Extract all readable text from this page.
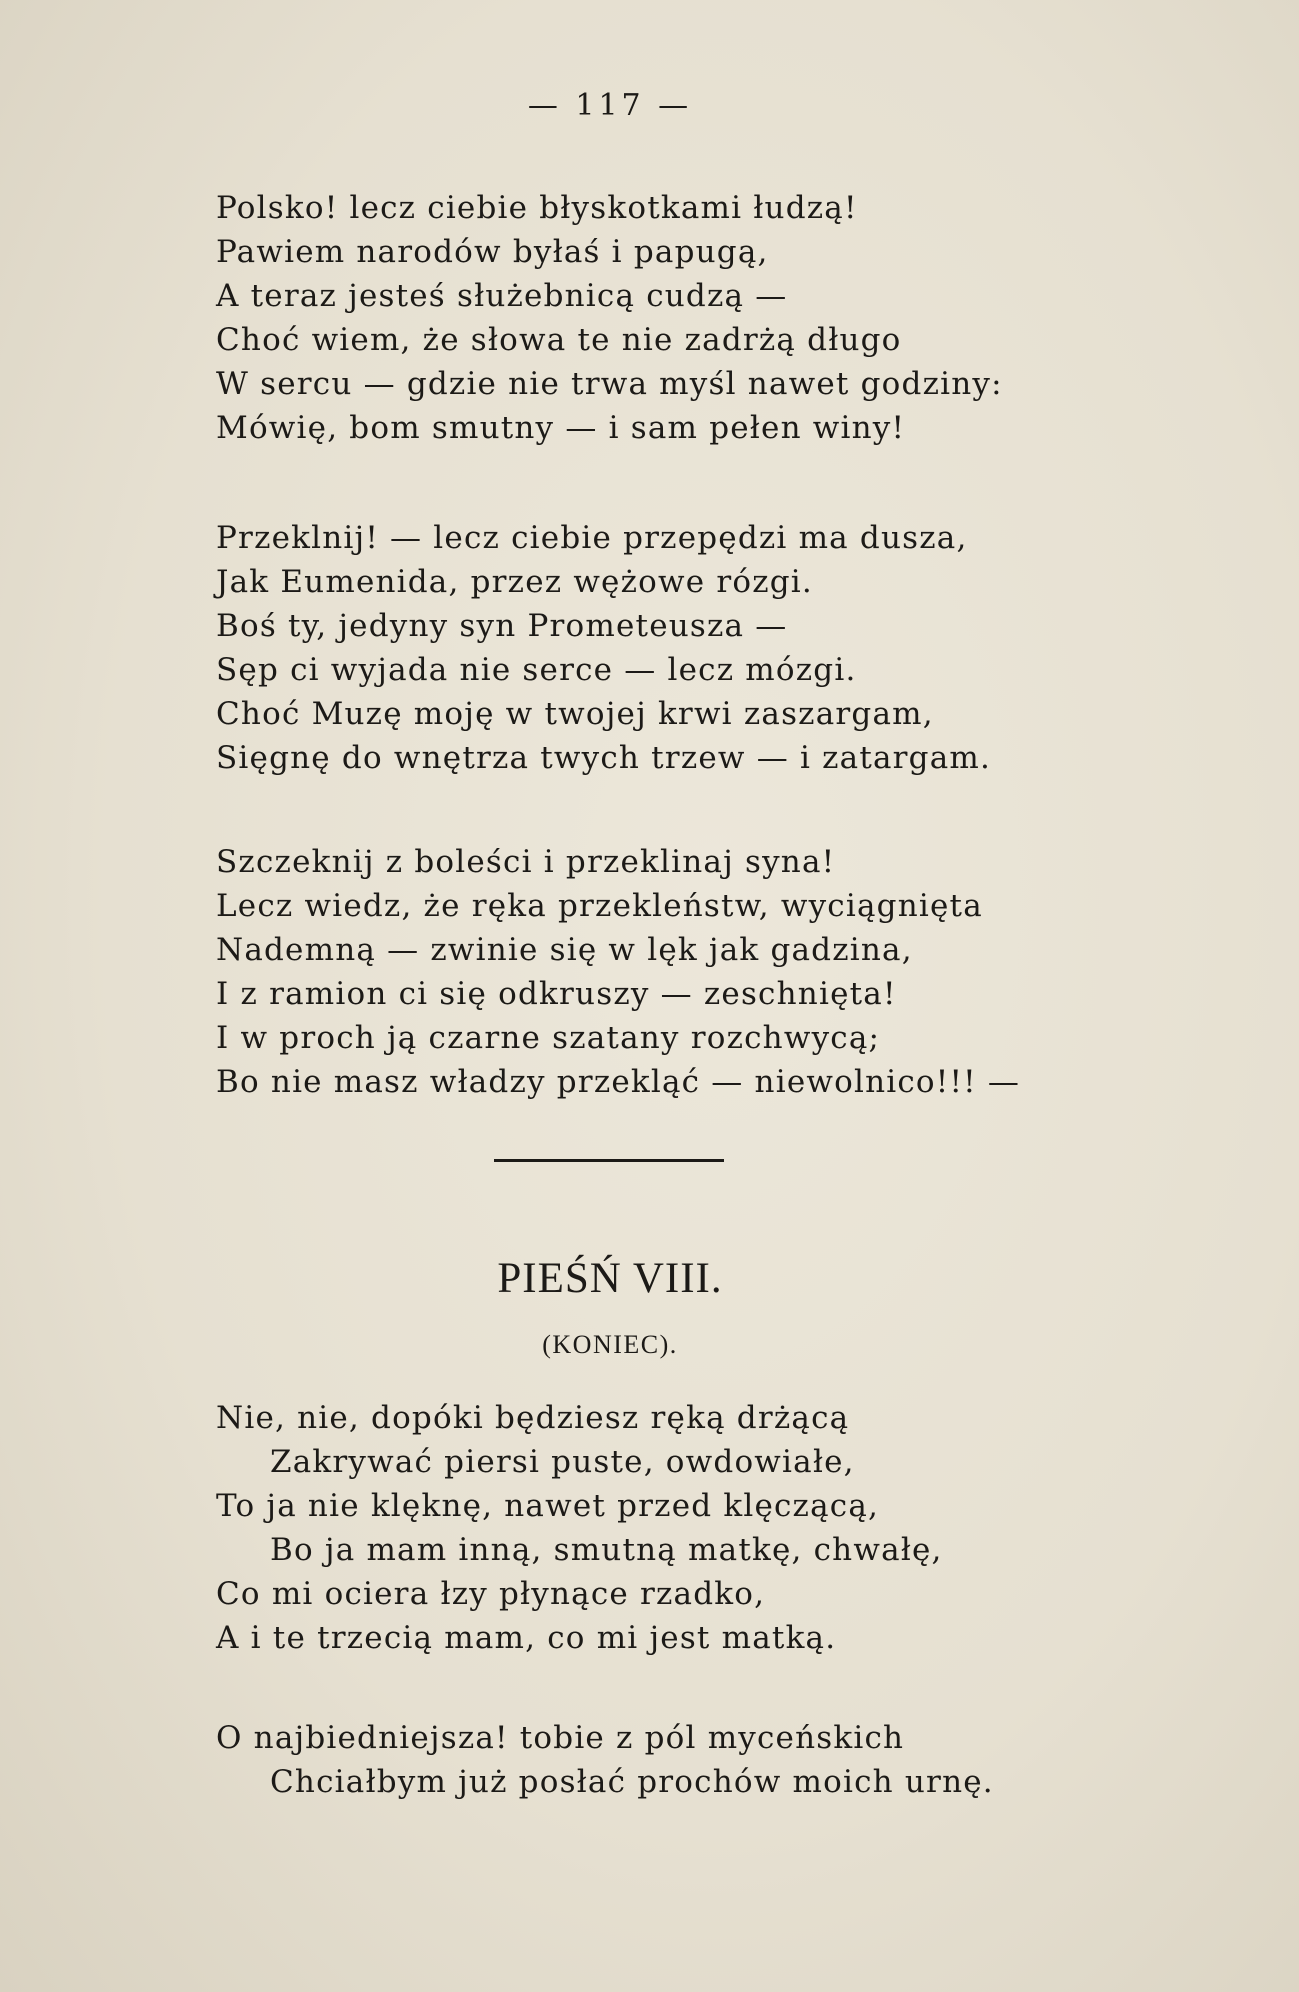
— 117 —
Polsko! lecz ciebie błyskotkami łudzą!
Pawiem narodów byłaś i papugą,
A teraz jesteś służebnicą cudzą —
Choć wiem, że słowa te nie zadrżą długo
W sercu — gdzie nie trwa myśl nawet godziny:
Mówię, bom smutny — i sam pełen winy!
Przeklnij! — lecz ciebie przepędzi ma dusza,
Jak Eumenida, przez wężowe rózgi.
Boś ty, jedyny syn Prometeusza —
Sęp ci wyjada nie serce — lecz mózgi.
Choć Muzę moję w twojej krwi zaszargam,
Sięgnę do wnętrza twych trzew — i zatargam.
Szczeknij z boleści i przeklinaj syna!
Lecz wiedz, że ręka przekleństw, wyciągnięta
Nademną — zwinie się w lęk jak gadzina,
I z ramion ci się odkruszy — zeschnięta!
I w proch ją czarne szatany rozchwycą;
Bo nie masz władzy przekląć — niewolnico!!! —
PIEŚŃ VIII.
(KONIEC).
Nie, nie, dopóki będziesz ręką drżącą
Zakrywać piersi puste, owdowiałe,
To ja nie klęknę, nawet przed klęczącą,
Bo ja mam inną, smutną matkę, chwałę,
Co mi ociera łzy płynące rzadko,
A i te trzecią mam, co mi jest matką.
O najbiedniejsza! tobie z pól myceńskich
Chciałbym już posłać prochów moich urnę.
